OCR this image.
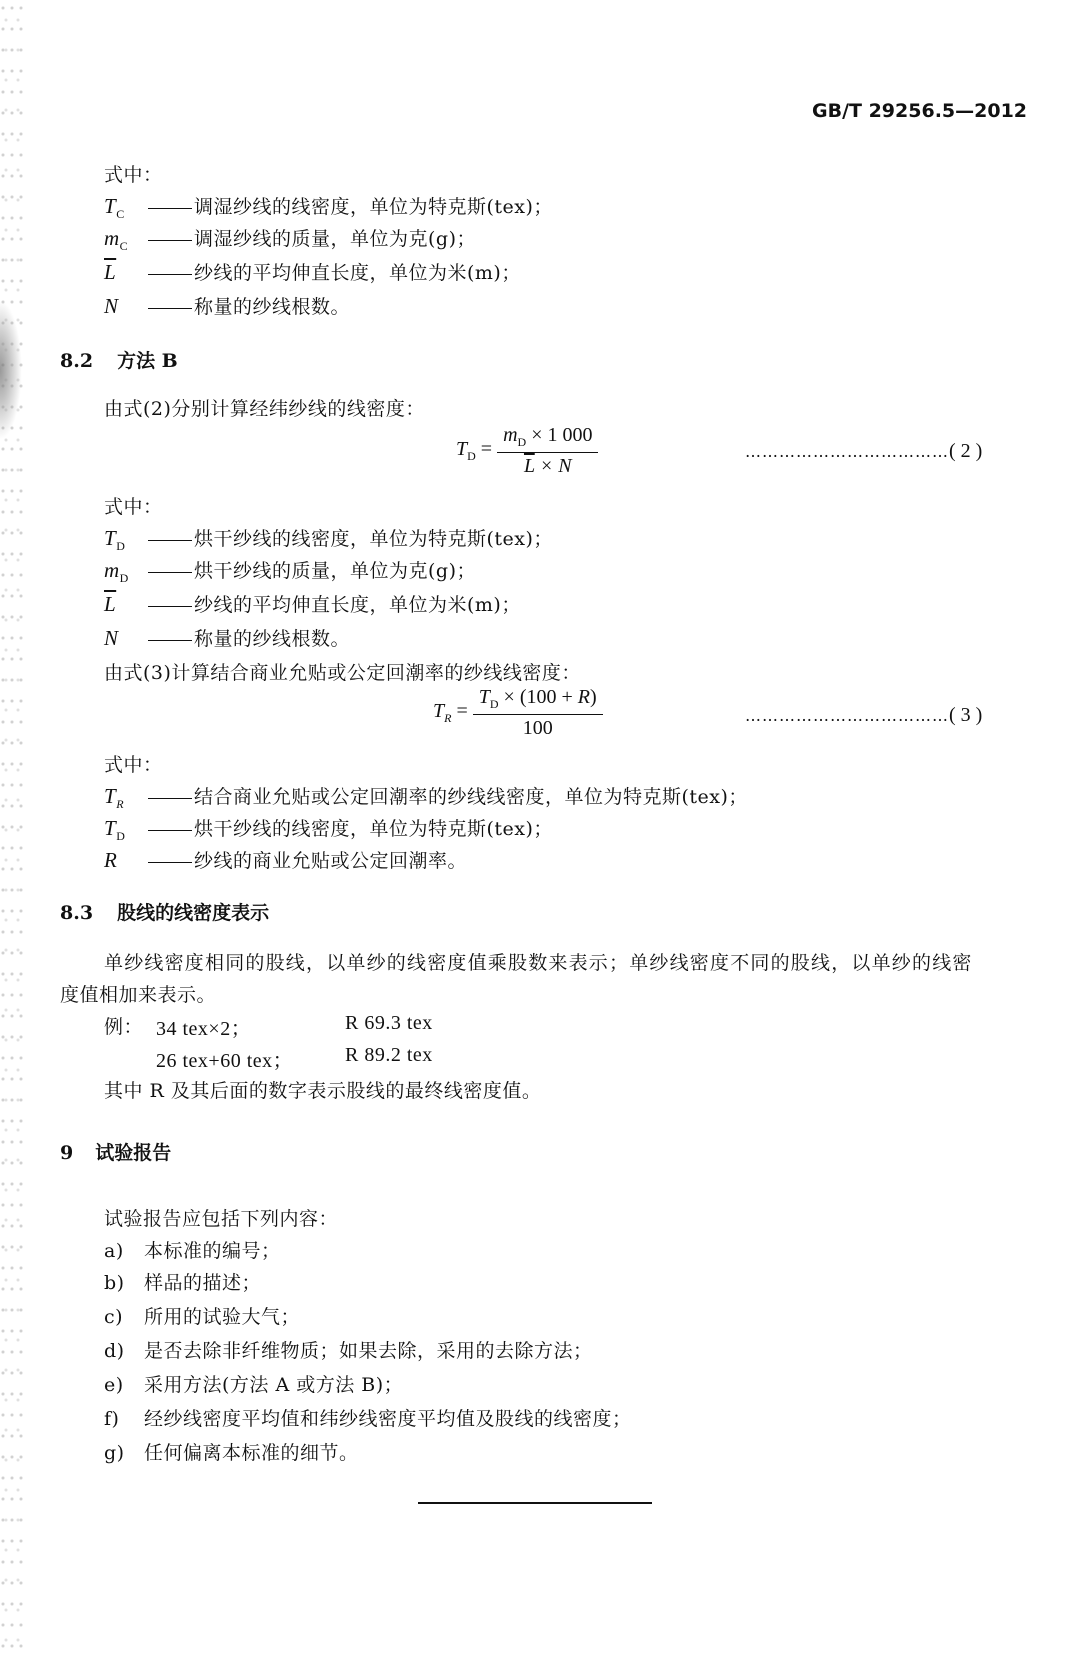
GB/T 29256.5—2012
式中：
$T_C$	调湿纱线的线密度，单位为特克斯(tex)；
$m_C$	调湿纱线的质量，单位为克(g)；
$\overline{L}$	纱线的平均伸直长度，单位为米(m)；
N	称量的纱线根数。
8.2 方法 B
由式(2)分别计算经纬纱线的线密度：
$T_D = \frac{m_D \times 1 000}{\overline{L} \times N}$	………………………………( 2 )
式中：
$T_D$	烘干纱线的线密度，单位为特克斯(tex)；
$m_D$	烘干纱线的质量，单位为克(g)；
$\overline{L}$	纱线的平均伸直长度，单位为米(m)；
N	称量的纱线根数。
由式(3)计算结合商业允贴或公定回潮率的纱线线密度：
$T_R = \frac{T_D \times (100 + R)}{100}$	………………………………( 3 )
式中：
$T_R$	结合商业允贴或公定回潮率的纱线线密度，单位为特克斯(tex)；
$T_D$	烘干纱线的线密度，单位为特克斯(tex)；
R	纱线的商业允贴或公定回潮率。
8.3 股线的线密度表示
单纱线密度相同的股线，以单纱的线密度值乘股数来表示；单纱线密度不同的股线，以单纱的线密
度值相加来表示。
例： 34 tex×2；	R 69.3 tex
26 tex+60 tex；	R 89.2 tex
其中 R 及其后面的数字表示股线的最终线密度值。
9 试验报告
试验报告应包括下列内容：
a) 本标准的编号；
b) 样品的描述；
c) 所用的试验大气；
d) 是否去除非纤维物质；如果去除，采用的去除方法；
e) 采用方法(方法 A 或方法 B)；
f) 经纱线密度平均值和纬纱线密度平均值及股线的线密度；
g) 任何偏离本标准的细节。
